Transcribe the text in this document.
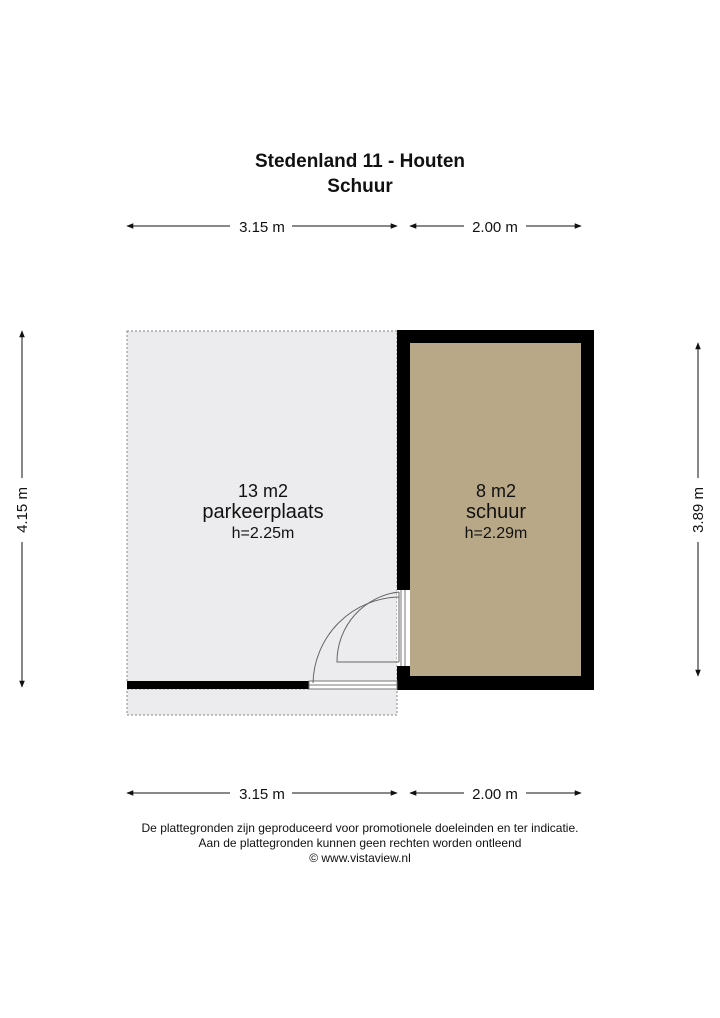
Stedenland 11 - Houten
Schuur
3.15 m	2.00 m
3.15 m	2.00 m
4.15 m	3.89 m
13 m2
parkeerplaats
h=2.25m
8 m2
schuur
h=2.29m
De plattegronden zijn geproduceerd voor promotionele doeleinden en ter indicatie.
Aan de plattegronden kunnen geen rechten worden ontleend
© www.vistaview.nl
